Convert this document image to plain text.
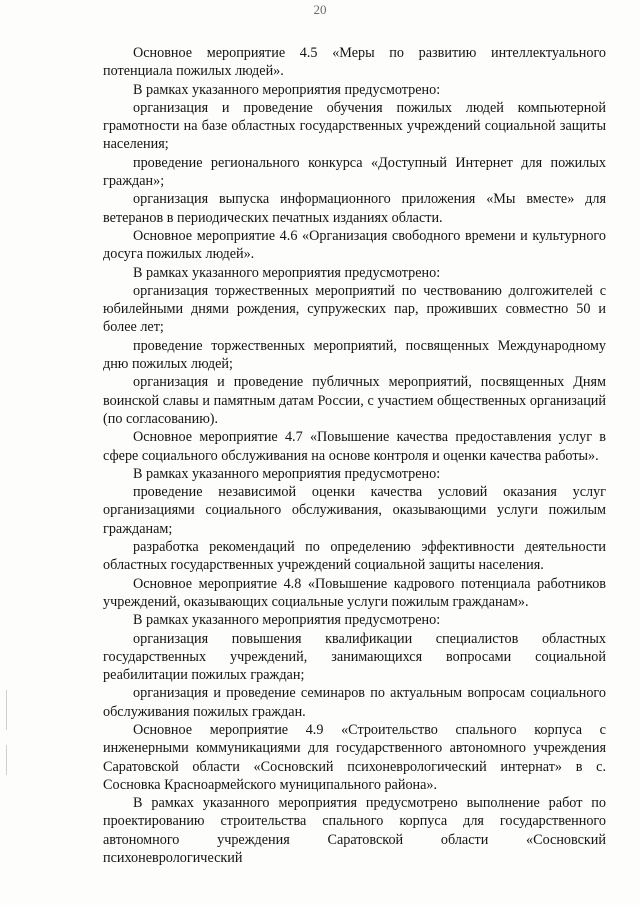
20

Основное мероприятие 4.5 «Меры по развитию интеллектуального потенциала пожилых людей».

В рамках указанного мероприятия предусмотрено:

организация и проведение обучения пожилых людей компьютерной грамотности на базе областных государственных учреждений социальной защиты населения;

проведение регионального конкурса «Доступный Интернет для пожилых граждан»;

организация выпуска информационного приложения «Мы вместе» для ветеранов в периодических печатных изданиях области.

Основное мероприятие 4.6 «Организация свободного времени и культурного досуга пожилых людей».

В рамках указанного мероприятия предусмотрено:

организация торжественных мероприятий по чествованию долгожителей с юбилейными днями рождения, супружеских пар, проживших совместно 50 и более лет;

проведение торжественных мероприятий, посвященных Международному дню пожилых людей;

организация и проведение публичных мероприятий, посвященных Дням воинской славы и памятным датам России, с участием общественных организаций (по согласованию).

Основное мероприятие 4.7 «Повышение качества предоставления услуг в сфере социального обслуживания на основе контроля и оценки качества работы».

В рамках указанного мероприятия предусмотрено:

проведение независимой оценки качества условий оказания услуг организациями социального обслуживания, оказывающими услуги пожилым гражданам;

разработка рекомендаций по определению эффективности деятельности областных государственных учреждений социальной защиты населения.

Основное мероприятие 4.8 «Повышение кадрового потенциала работников учреждений, оказывающих социальные услуги пожилым гражданам».

В рамках указанного мероприятия предусмотрено:

организация повышения квалификации специалистов областных государственных учреждений, занимающихся вопросами социальной реабилитации пожилых граждан;

организация и проведение семинаров по актуальным вопросам социального обслуживания пожилых граждан.

Основное мероприятие 4.9 «Строительство спального корпуса с инженерными коммуникациями для государственного автономного учреждения Саратовской области «Сосновский психоневрологический интернат» в с. Сосновка Краснoармейского муниципального района».

В рамках указанного мероприятия предусмотрено выполнение работ по проектированию строительства спального корпуса для государственного автономного учреждения Саратовской области «Сосновский психоневрологический
